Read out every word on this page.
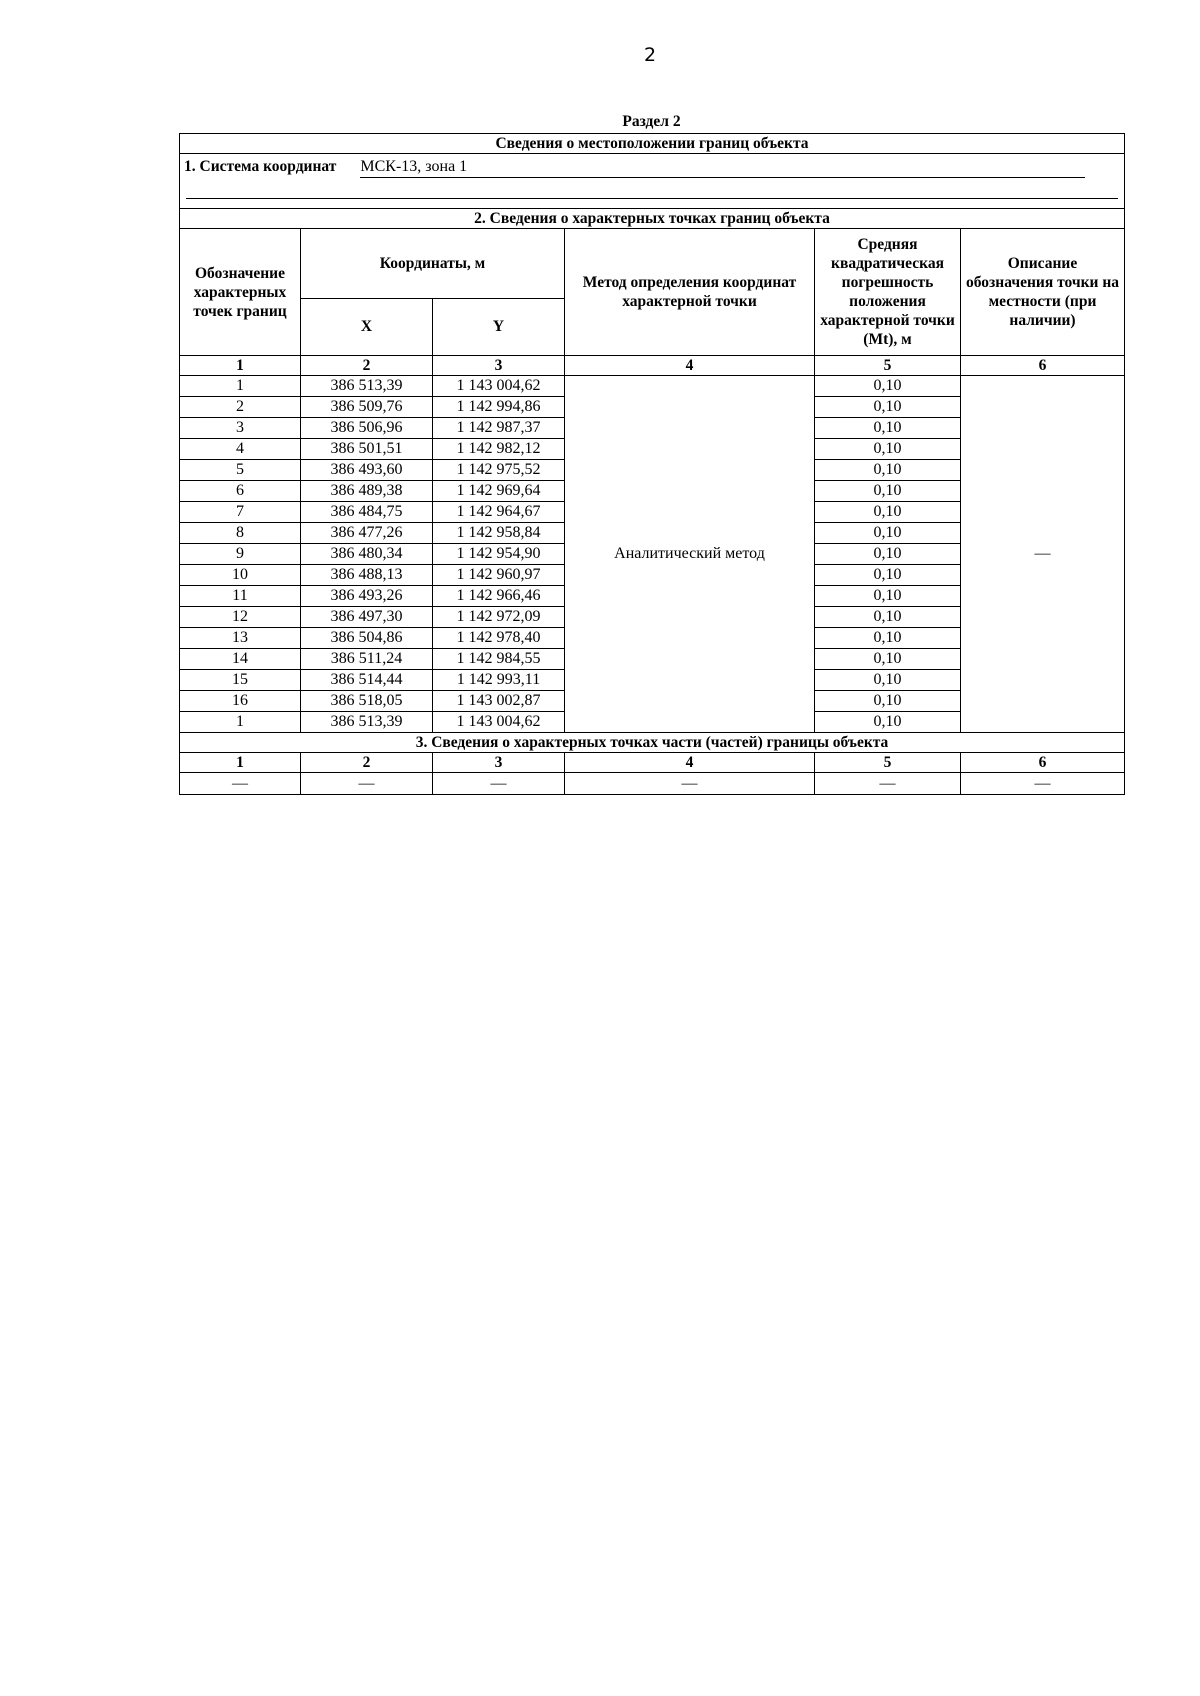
2
Раздел 2
Сведения о местоположении границ объекта					
1. Система координат МСК-13, зона 1					

2. Сведения о характерных точках границ объекта					
Обозначение характерных точек границ	Координаты, м		Метод определения координат характерной точки	Средняя квадратическая погрешность положения характерной точки (Mt), м	Описание обозначения точки на местности (при наличии)
	X	Y			
1	2	3	4	5	6
1	386 513,39	1 143 004,62	Аналитический метод	0,10	—
2	386 509,76	1 142 994,86		0,10	
3	386 506,96	1 142 987,37		0,10	
4	386 501,51	1 142 982,12		0,10	
5	386 493,60	1 142 975,52		0,10	
6	386 489,38	1 142 969,64		0,10	
7	386 484,75	1 142 964,67		0,10	
8	386 477,26	1 142 958,84		0,10	
9	386 480,34	1 142 954,90		0,10	
10	386 488,13	1 142 960,97		0,10	
11	386 493,26	1 142 966,46		0,10	
12	386 497,30	1 142 972,09		0,10	
13	386 504,86	1 142 978,40		0,10	
14	386 511,24	1 142 984,55		0,10	
15	386 514,44	1 142 993,11		0,10	
16	386 518,05	1 143 002,87		0,10	
1	386 513,39	1 143 004,62		0,10	
3. Сведения о характерных точках части (частей) границы объекта					
1	2	3	4	5	6
—	—	—	—	—	—
